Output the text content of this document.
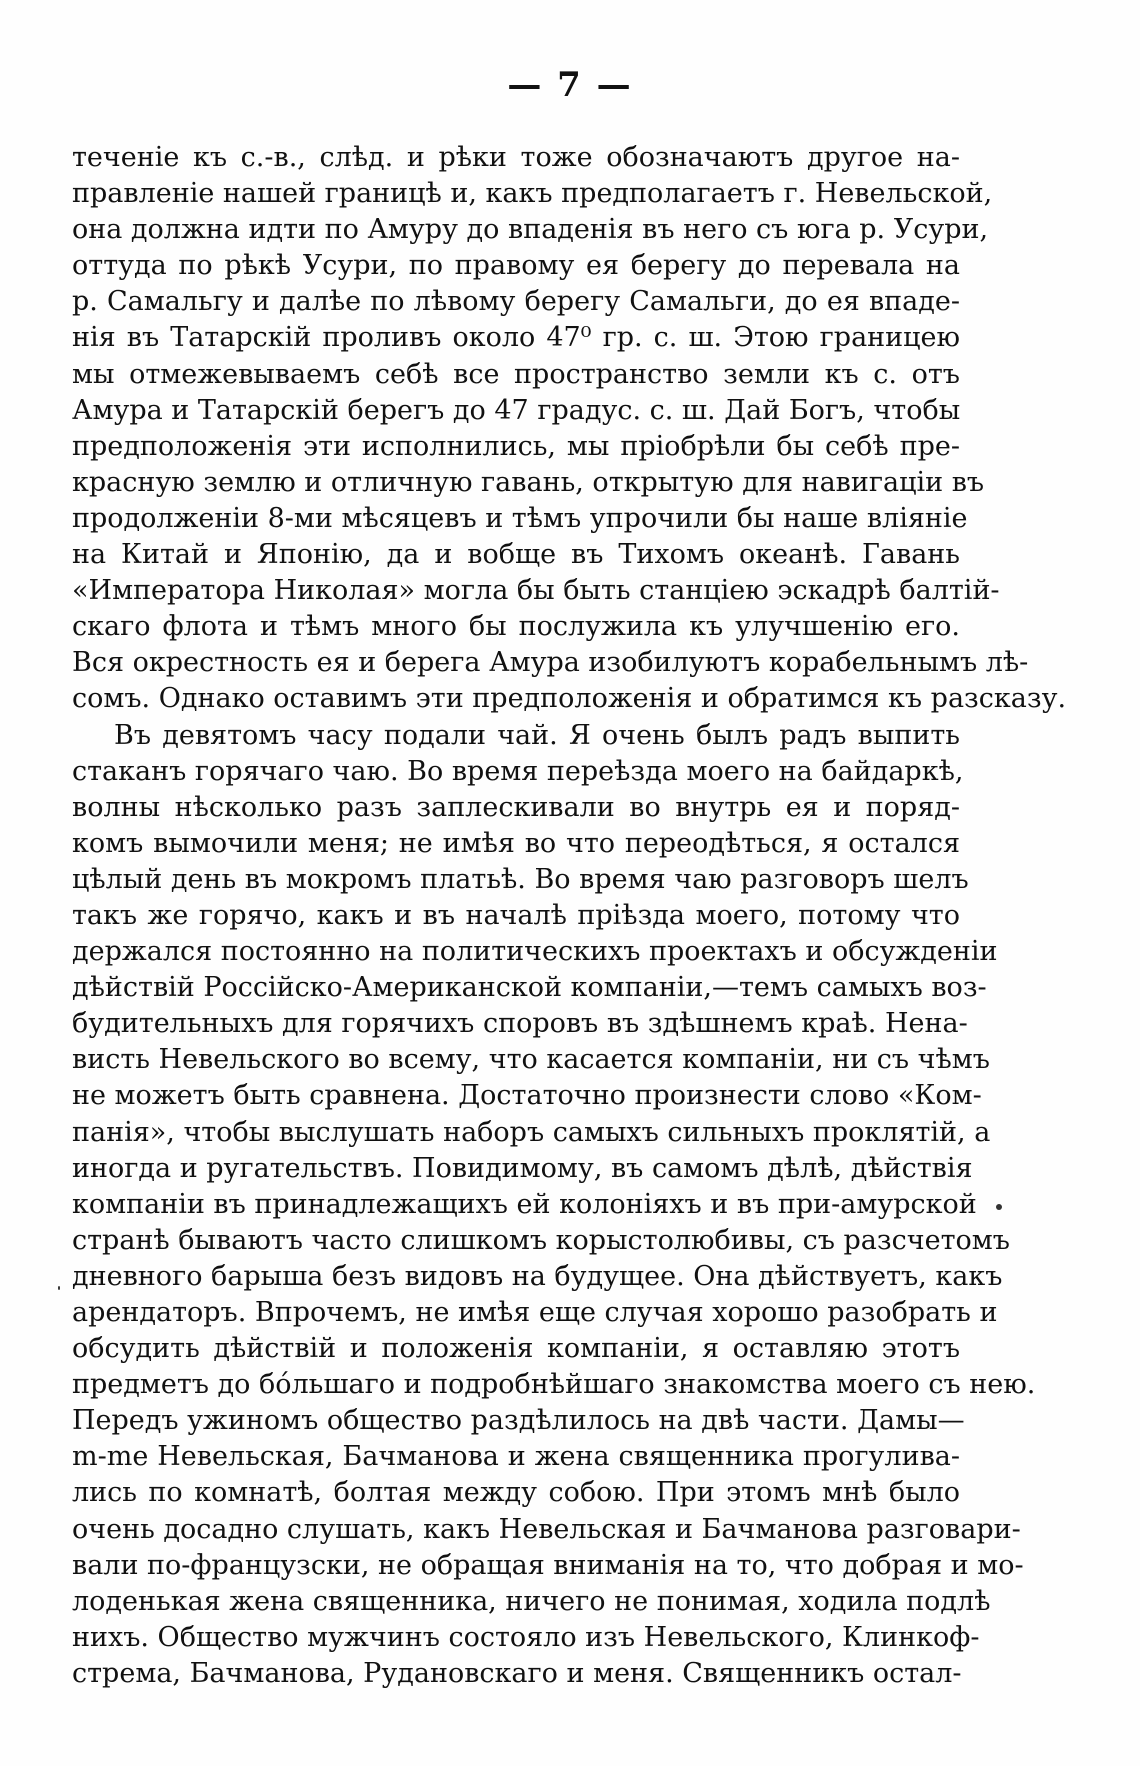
— 7 —
теченіе къ с.-в., слѣд. и рѣки тоже обозначаютъ другое на-
правленіе нашей границѣ и, какъ предполагаетъ г. Невельской,
она должна идти по Амуру до впаденія въ него съ юга р. Усури,
оттуда по рѣкѣ Усури, по правому ея берегу до перевала на
р. Самальгу и далѣе по лѣвому берегу Самальги, до ея впаде-
нія въ Татарскій проливъ около 47⁰ гр. с. ш. Этою границею
мы отмежевываемъ себѣ все пространство земли къ с. отъ
Амура и Татарскій берегъ до 47 градус. с. ш. Дай Богъ, чтобы
предположенія эти исполнились, мы пріобрѣли бы себѣ пре-
красную землю и отличную гавань, открытую для навигаціи въ
продолженіи 8-ми мѣсяцевъ и тѣмъ упрочили бы наше вліяніе
на Китай и Японію, да и вобще въ Тихомъ океанѣ. Гавань
«Императора Николая» могла бы быть станціею эскадрѣ балтій-
скаго флота и тѣмъ много бы послужила къ улучшенію его.
Вся окрестность ея и берега Амура изобилуютъ корабельнымъ лѣ-
сомъ. Однако оставимъ эти предположенія и обратимся къ разсказу.
Въ девятомъ часу подали чай. Я очень былъ радъ выпить
стаканъ горячаго чаю. Во время переѣзда моего на байдаркѣ,
волны нѣсколько разъ заплескивали во внутрь ея и поряд-
комъ вымочили меня; не имѣя во что переодѣться, я остался
цѣлый день въ мокромъ платьѣ. Во время чаю разговоръ шелъ
такъ же горячо, какъ и въ началѣ пріѣзда моего, потому что
держался постоянно на политическихъ проектахъ и обсужденіи
дѣйствій Россійско-Американской компаніи,—темъ самыхъ воз-
будительныхъ для горячихъ споровъ въ здѣшнемъ краѣ. Нена-
висть Невельского во всему, что касается компаніи, ни съ чѣмъ
не можетъ быть сравнена. Достаточно произнести слово «Ком-
панія», чтобы выслушать наборъ самыхъ сильныхъ проклятій, а
иногда и ругательствъ. Повидимому, въ самомъ дѣлѣ, дѣйствія
компаніи въ принадлежащихъ ей колоніяхъ и въ при-амурской
странѣ бываютъ часто слишкомъ корыстолюбивы, съ разсчетомъ
дневного барыша безъ видовъ на будущее. Она дѣйствуетъ, какъ
арендаторъ. Впрочемъ, не имѣя еще случая хорошо разобрать и
обсудить дѣйствій и положенія компаніи, я оставляю этотъ
предметъ до бóльшаго и подробнѣйшаго знакомства моего съ нею.
Передъ ужиномъ общество раздѣлилось на двѣ части. Дамы—
m-me Невельская, Бачманова и жена священника прогулива-
лись по комнатѣ, болтая между собою. При этомъ мнѣ было
очень досадно слушать, какъ Невельская и Бачманова разговари-
вали по-французски, не обращая вниманія на то, что добрая и мо-
лоденькая жена священника, ничего не понимая, ходила подлѣ
нихъ. Общество мужчинъ состояло изъ Невельского, Клинкоф-
стрема, Бачманова, Рудановскаго и меня. Священникъ остал-
